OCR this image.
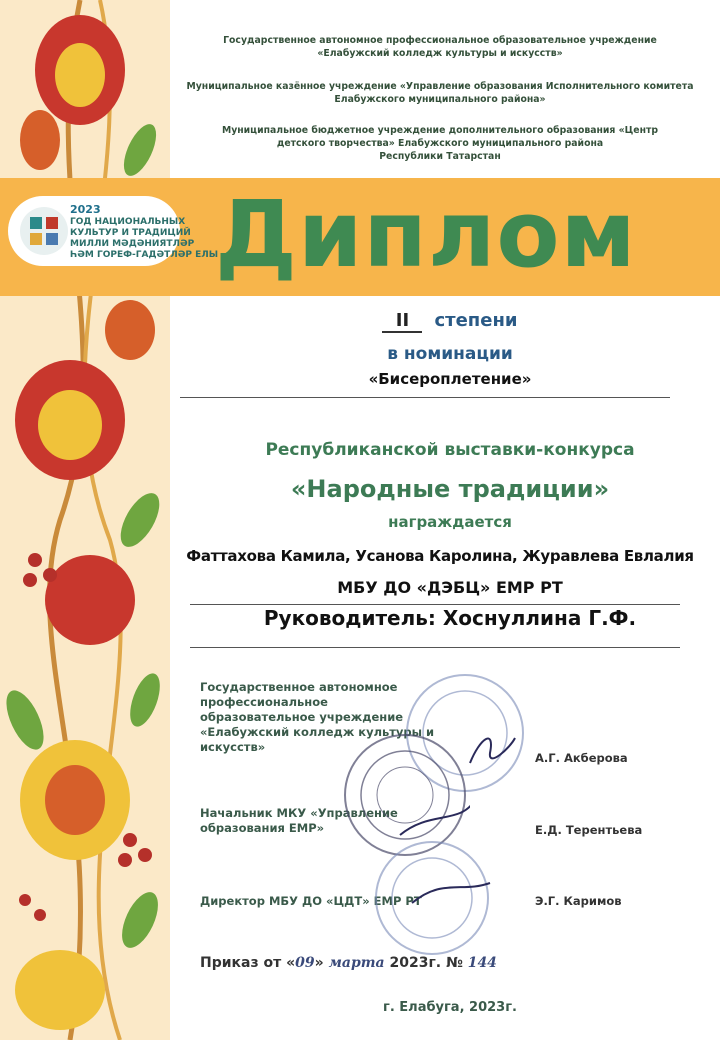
Государственное автономное профессиональное образовательное учреждение
«Елабужский колледж культуры и искусств»
Муниципальное казённое учреждение «Управление образования Исполнительного комитета
Елабужского муниципального района»
Муниципальное бюджетное учреждение дополнительного образования «Центр
детского творчества» Елабужского муниципального района
Республики Татарстан
2023
ГОД НАЦИОНАЛЬНЫХ
КУЛЬТУР И ТРАДИЦИЙ
МИЛЛИ МӘДӘНИЯТЛӘР
ҺӘМ ГОРЕФ-ГАДӘТЛӘР ЕЛЫ
Диплом
II степени
в номинации
«Бисероплетение»
Республиканской выставки-конкурса
«Народные традиции»
награждается
Фаттахова Камила, Усанова Каролина, Журавлева Евлалия
МБУ ДО «ДЭБЦ» ЕМР РТ
Руководитель: Хоснуллина Г.Ф.
Государственное автономное
профессиональное
образовательное учреждение
«Елабужский колледж культуры и
искусств»
А.Г. Акберова
Начальник МКУ «Управление
образования ЕМР»	Е.Д. Терентьева
Директор МБУ ДО «ЦДТ» ЕМР РТ	Э.Г. Каримов
Приказ от «09» марта 2023г. № 144
г. Елабуга, 2023г.
